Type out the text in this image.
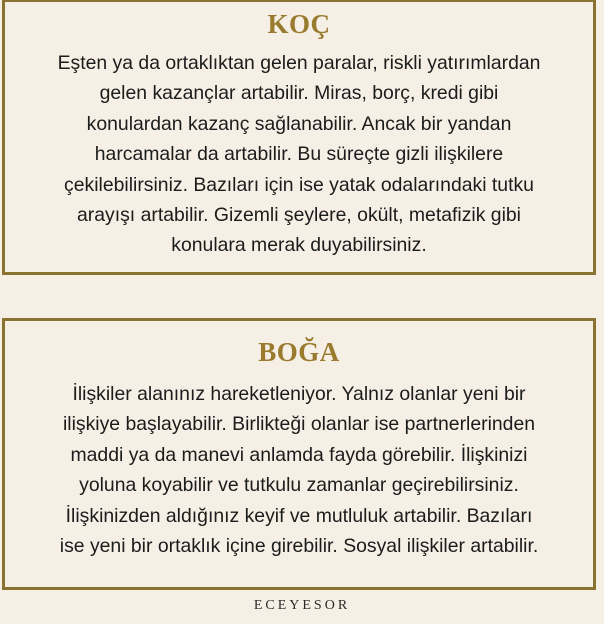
KOÇ

Eşten ya da ortaklıktan gelen paralar, riskli yatırımlardan
gelen kazançlar artabilir. Miras, borç, kredi gibi
konulardan kazanç sağlanabilir. Ancak bir yandan
harcamalar da artabilir. Bu süreçte gizli ilişkilere
çekilebilirsiniz. Bazıları için ise yatak odalarındaki tutku
arayışı artabilir. Gizemli şeylere, okült, metafizik gibi
konulara merak duyabilirsiniz.

BOĞA

İlişkiler alanınız hareketleniyor. Yalnız olanlar yeni bir
ilişkiye başlayabilir. Birlikteği olanlar ise partnerlerinden
maddi ya da manevi anlamda fayda görebilir. İlişkinizi
yoluna koyabilir ve tutkulu zamanlar geçirebilirsiniz.
İlişkinizden aldığınız keyif ve mutluluk artabilir. Bazıları
ise yeni bir ortaklık içine girebilir. Sosyal ilişkiler artabilir.

ECEYESOR
